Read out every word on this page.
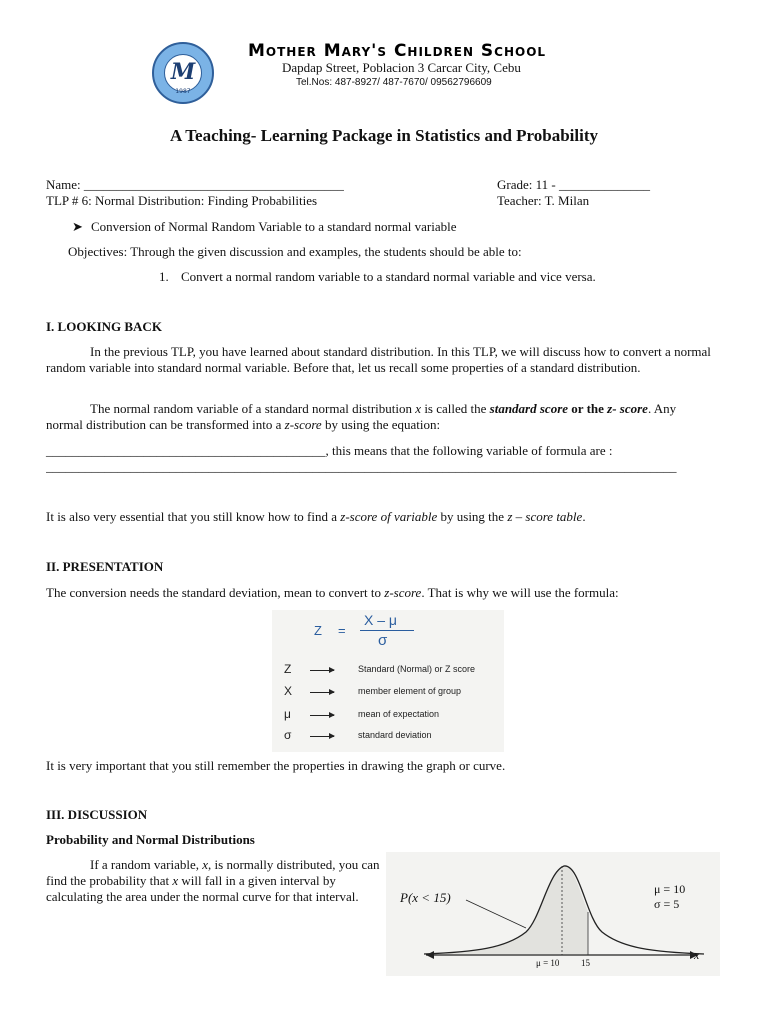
M
1987
Mother Mary's Children School
Dapdap Street, Poblacion 3 Carcar City, Cebu
Tel.Nos: 487-8927/ 487-7670/ 09562796609
A Teaching- Learning Package in Statistics and Probability
Name: ________________________________________	Grade: 11 - ______________
TLP # 6: Normal Distribution: Finding Probabilities	Teacher: T. Milan
➤ Conversion of Normal Random Variable to a standard normal variable
Objectives: Through the given discussion and examples, the students should be able to:
1. Convert a normal random variable to a standard normal variable and vice versa.
I. LOOKING BACK
In the previous TLP, you have learned about standard distribution. In this TLP, we will discuss how to convert a normal random variable into standard normal variable. Before that, let us recall some properties of a standard distribution.
The normal random variable of a standard normal distribution x is called the standard score or the z- score. Any normal distribution can be transformed into a z-score by using the equation:
___________________________________________, this means that the following variable of formula are :
_________________________________________________________________________________________________
It is also very essential that you still know how to find a z-score of variable by using the z – score table.
II. PRESENTATION
The conversion needs the standard deviation, mean to convert to z-score. That is why we will use the formula:
Z =
X – μ
σ
Z	Standard (Normal) or Z score
X	member element of group
μ	mean of expectation
σ	standard deviation
It is very important that you still remember the properties in drawing the graph or curve.
III. DISCUSSION
Probability and Normal Distributions
If a random variable, x, is normally distributed, you can find the probability that x will fall in a given interval by calculating the area under the normal curve for that interval.	P(x < 15)
μ = 10
σ = 5
x
μ = 10 15
